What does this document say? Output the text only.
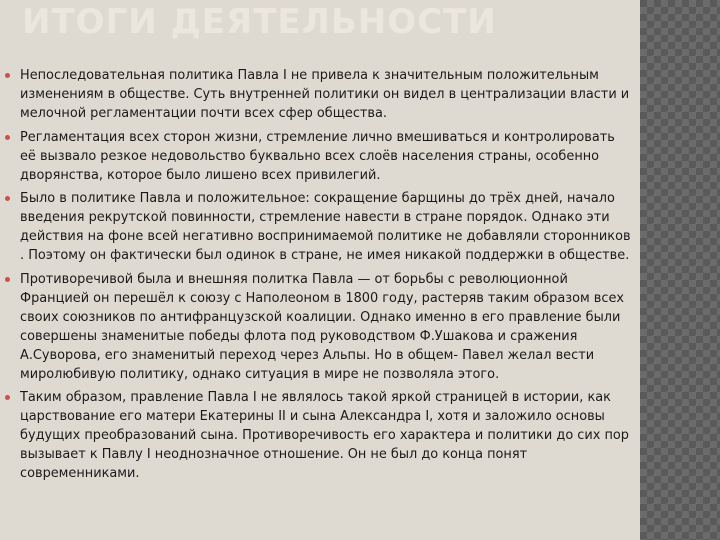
ИТОГИ ДЕЯТЕЛЬНОСТИ
Непоследовательная политика Павла I не привела к значительным положительным изменениям в обществе. Суть внутренней политики он видел в централизации власти и мелочной регламентации почти всех сфер общества.
Регламентация всех сторон жизни, стремление лично вмешиваться и контролировать её вызвало резкое недовольство буквально всех слоёв населения страны, особенно дворянства, которое было лишено всех привилегий.
Было в политике Павла и положительное: сокращение барщины до трёх дней, начало введения рекрутской повинности, стремление навести в стране порядок. Однако эти действия на фоне всей негативно воспринимаемой политике не добавляли сторонников . Поэтому он фактически был одинок в стране, не имея никакой поддержки в обществе.
Противоречивой была и внешняя политка Павла — от борьбы с революционной Францией он перешёл к союзу с Наполеоном в 1800 году, растеряв таким образом всех своих союзников по антифранцузской коалиции. Однако именно в его правление были совершены знаменитые победы флота под руководством Ф.Ушакова и сражения А.Суворова, его знаменитый переход через Альпы. Но в общем- Павел желал вести миролюбивую политику, однако ситуация в мире не позволяла этого.
Таким образом, правление Павла I не являлось такой яркой страницей в истории, как царствование его матери Екатерины II и сына Александра I, хотя и заложило основы будущих преобразований сына. Противоречивость его характера и политики до сих пор вызывает к Павлу I неоднозначное отношение. Он не был до конца понят современниками.
